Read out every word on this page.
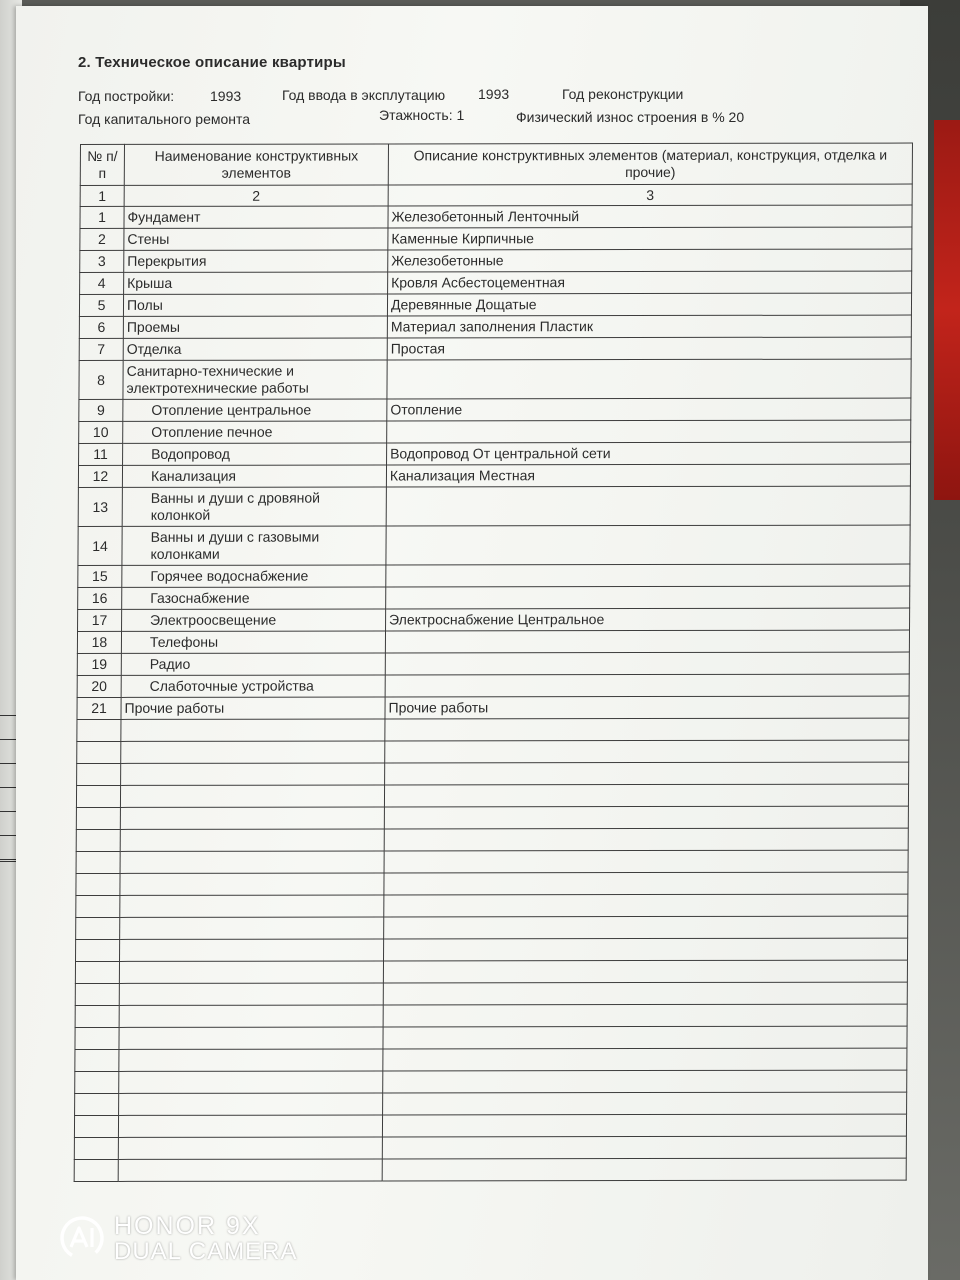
2. Техническое описание квартиры
Год постройки:	1993	Год ввода в эксплутацию 1993	Год реконструкции
Год капитального ремонта	Этажность: 1	Физический износ строения в % 20
№ п/п	Наименование конструктивных элементов	Описание конструктивных элементов (материал, конструкция, отделка и прочие)
1	2	3
1	Фундамент	Железобетонный Ленточный
2	Стены	Каменные Кирпичные
3	Перекрытия	Железобетонные
4	Крыша	Кровля Асбестоцементная
5	Полы	Деревянные Дощатые
6	Проемы	Материал заполнения Пластик
7	Отделка	Простая
8	Санитарно-технические и электротехнические работы	
9	Отопление центральное	Отопление
10	Отопление печное	
11	Водопровод	Водопровод От центральной сети
12	Канализация	Канализация Местная
13	Ванны и души с дровяной колонкой	
14	Ванны и души с газовыми колонками	
15	Горячее водоснабжение	
16	Газоснабжение	
17	Электроосвещение	Электроснабжение Центральное
18	Телефоны	
19	Радио	
20	Слаботочные устройства	
21	Прочие работы	Прочие работы

HONOR 9X
DUAL CAMERA
